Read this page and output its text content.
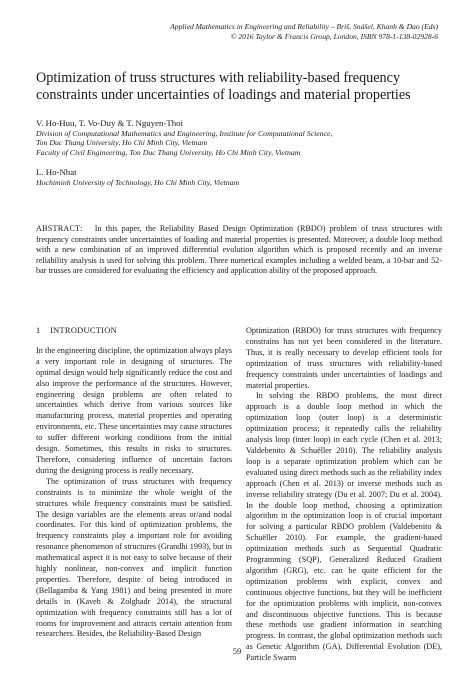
Applied Mathematics in Engineering and Reliability – Briš, Snášel, Khanh & Dao (Eds)
© 2016 Taylor & Francis Group, London, ISBN 978-1-138-02928-6
Optimization of truss structures with reliability-based frequency constraints under uncertainties of loadings and material properties
V. Ho-Huu, T. Vo-Duy & T. Nguyen-Thoi
Division of Computational Mathematics and Engineering, Institute for Computational Science,
Ton Duc Thang University, Ho Chi Minh City, Vietnam
Faculty of Civil Engineering, Ton Duc Thang University, Ho Chi Minh City, Vietnam
L. Ho-Nhat
Hochiminh University of Technology, Ho Chi Minh City, Vietnam
ABSTRACT: In this paper, the Reliability Based Design Optimization (RBDO) problem of truss structures with frequency constraints under uncertainties of loading and material properties is presented. Moreover, a double loop method with a new combination of an improved differential evolution algorithm which is proposed recently and an inverse reliability analysis is used for solving this problem. Three numerical examples including a welded beam, a 10-bar and 52-bar trusses are considered for evaluating the efficiency and application ability of the proposed approach.
1 INTRODUCTION

In the engineering discipline, the optimization always plays a very important role in designing of structures. The optimal design would help significantly reduce the cost and also improve the performance of the structures. However, engineering design problems are often related to uncertainties which derive from various sources like manufacturing process, material properties and operating environments, etc. These uncertainties may cause structures to suffer different working conditions from the initial design. Sometimes, this results in risks to structures. Therefore, considering influence of uncertain factors during the designing process is really necessary.

The optimization of truss structures with frequency constraints is to minimize the whole weight of the structures while frequency constraints must be satisfied. The design variables are the elements areas or/and nodal coordinates. For this kind of optimization problems, the frequency constraints play a important role for avoiding resonance phenomenon of structures (Grandhi 1993), but in mathematical aspect it is not easy to solve because of their highly nonlinear, non-convex and implicit function properties. Therefore, despite of being introduced in (Bellagamba & Yang 1981) and being presented in more details in (Kaveh & Zolghadr 2014), the structural optimization with frequency constraints still has a lot of rooms for improvement and attracts certain attention from researchers. Besides, the Reliability-Based Design

Optimization (RBDO) for truss structures with frequency constrains has not yet been considered in the literature. Thus, it is really necessary to develop efficient tools for optimization of truss structures with reliability-based frequency constraints under uncertainties of loadings and material properties.

In solving the RBDO problems, the most direct approach is a double loop method in which the optimization loop (outer loop) is a deterministic optimization process; it repeatedly calls the reliability analysis loop (inter loop) in each cycle (Chen et al. 2013; Valdebenito & Schuëller 2010). The reliability analysis loop is a separate optimization problem which can be evaluated using direct methods such as the reliability index approach (Chen et al. 2013) or inverse methods such as inverse reliability strategy (Du et al. 2007; Du et al. 2004). In the double loop method, choosing a optimization algorithm in the optimization loop is of crucial important for solving a particular RBDO problem (Valdebenito & Schuëller 2010). For example, the gradient-based optimization methods such as Sequential Quadratic Programming (SQP), Generalized Reduced Gradient algorithm (GRG), etc. can be quite efficient for the optimization problems with explicit, convex and continuous objective functions, but they will be inefficient for the optimization problems with implicit, non-convex and discontinuous objective functions. This is because these methods use gradient information in searching progress. In contrast, the global optimization methods such as Genetic Algorithm (GA), Differential Evolution (DE), Particle Swarm

59
